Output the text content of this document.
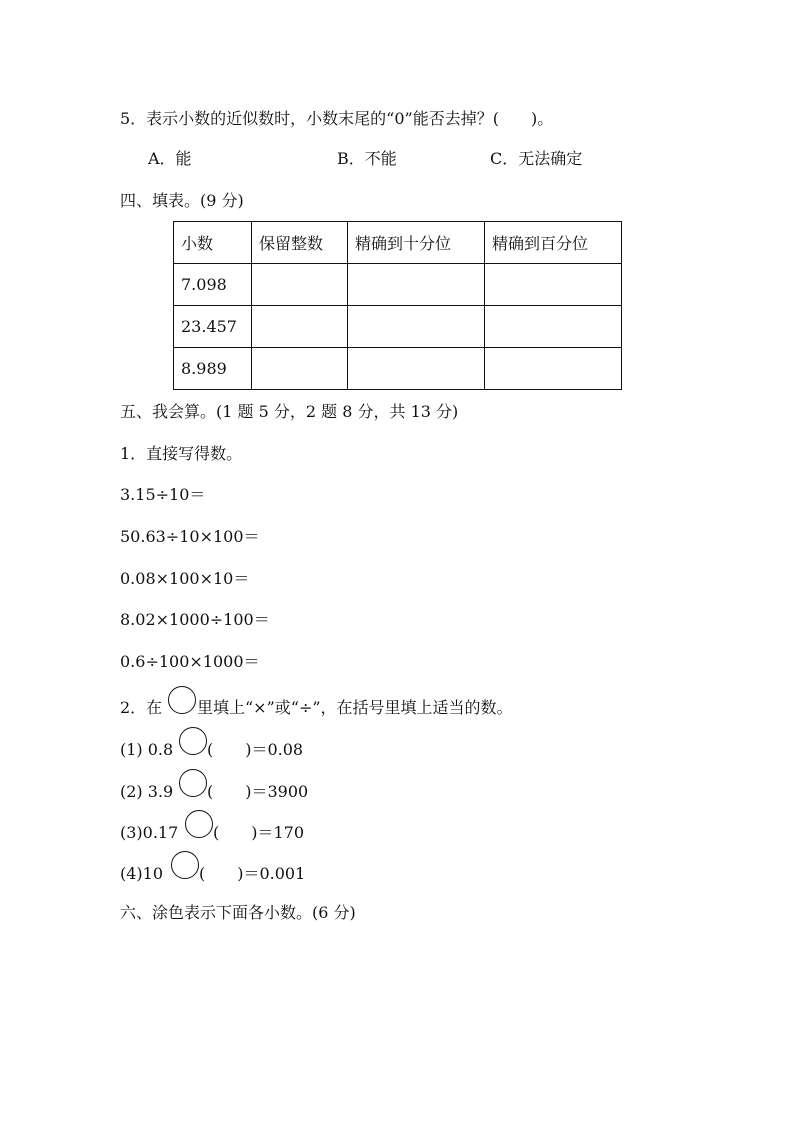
5．表示小数的近似数时，小数末尾的“0”能否去掉？(　　)。
A．能	B．不能	C．无法确定
四、填表。(9 分)
小数	保留整数	精确到十分位	精确到百分位
7.098			
23.457			
8.989			
五、我会算。(1 题 5 分，2 题 8 分，共 13 分)
1．直接写得数。
3.15÷10＝
50.63÷10×100＝
0.08×100×10＝
8.02×1000÷100＝
0.6÷100×1000＝
2．在 里填上“×”或“÷”，在括号里填上适当的数。
(1) 0.8 (　　)＝0.08
(2) 3.9 (　　)＝3900
(3)0.17 (　　)＝170
(4)10 (　　)＝0.001
六、涂色表示下面各小数。(6 分)
